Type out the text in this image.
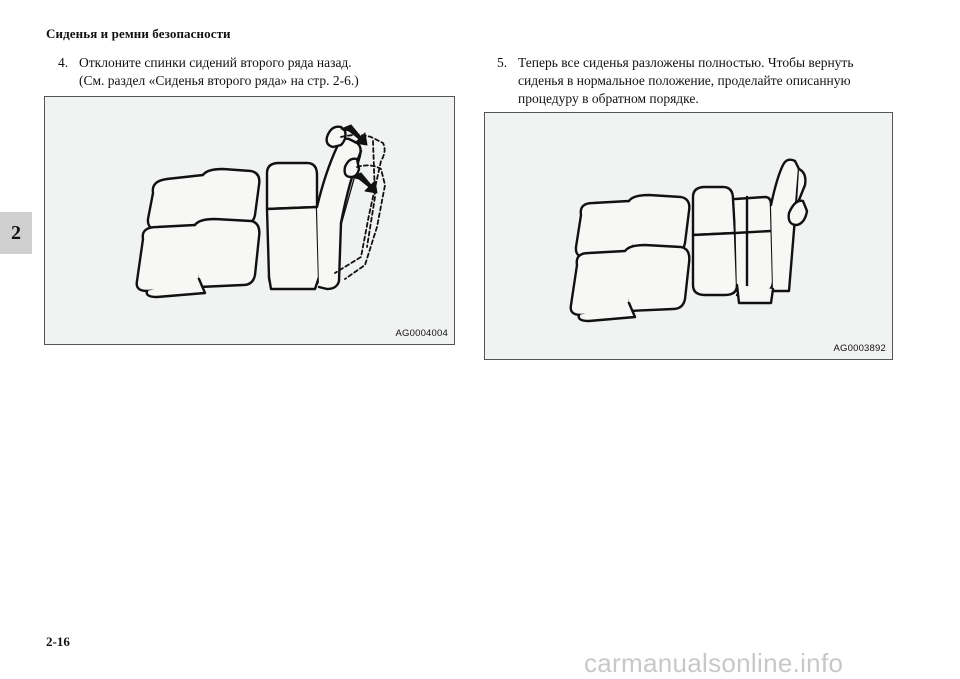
Сиденья и ремни безопасности
2
4. Отклоните спинки сидений второго ряда назад.
(См. раздел «Сиденья второго ряда» на стр. 2-6.)
5. Теперь все сиденья разложены полностью. Чтобы вернуть
сиденья в нормальное положение, проделайте описанную
процедуру в обратном порядке.
AG0004004
AG0003892
2-16
carmanualsonline.info
